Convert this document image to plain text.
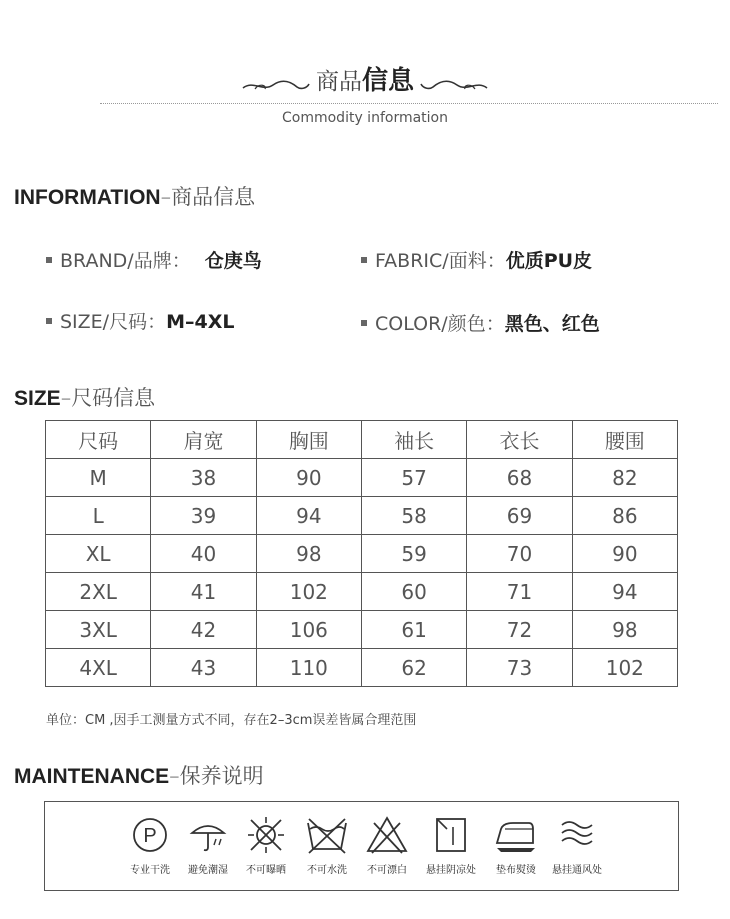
商品信息
Commodity information
INFORMATION–商品信息
BRAND/品牌： 仓庚鸟	FABRIC/面料：优质PU皮
SIZE/尺码：M–4XL	COLOR/颜色：黑色、红色
SIZE–尺码信息
尺码	肩宽	胸围	袖长	衣长	腰围
M	38	90	57	68	82
L	39	94	58	69	86
XL	40	98	59	70	90
2XL	41	102	60	71	94
3XL	42	106	61	72	98
4XL	43	110	62	73	102
单位：CM ,因手工测量方式不同，存在2–3cm误差皆属合理范围
MAINTENANCE–保养说明
P
专业干洗	避免潮湿	不可曝晒	不可水洗	不可漂白	悬挂阴凉处	垫布熨烫	悬挂通风处
